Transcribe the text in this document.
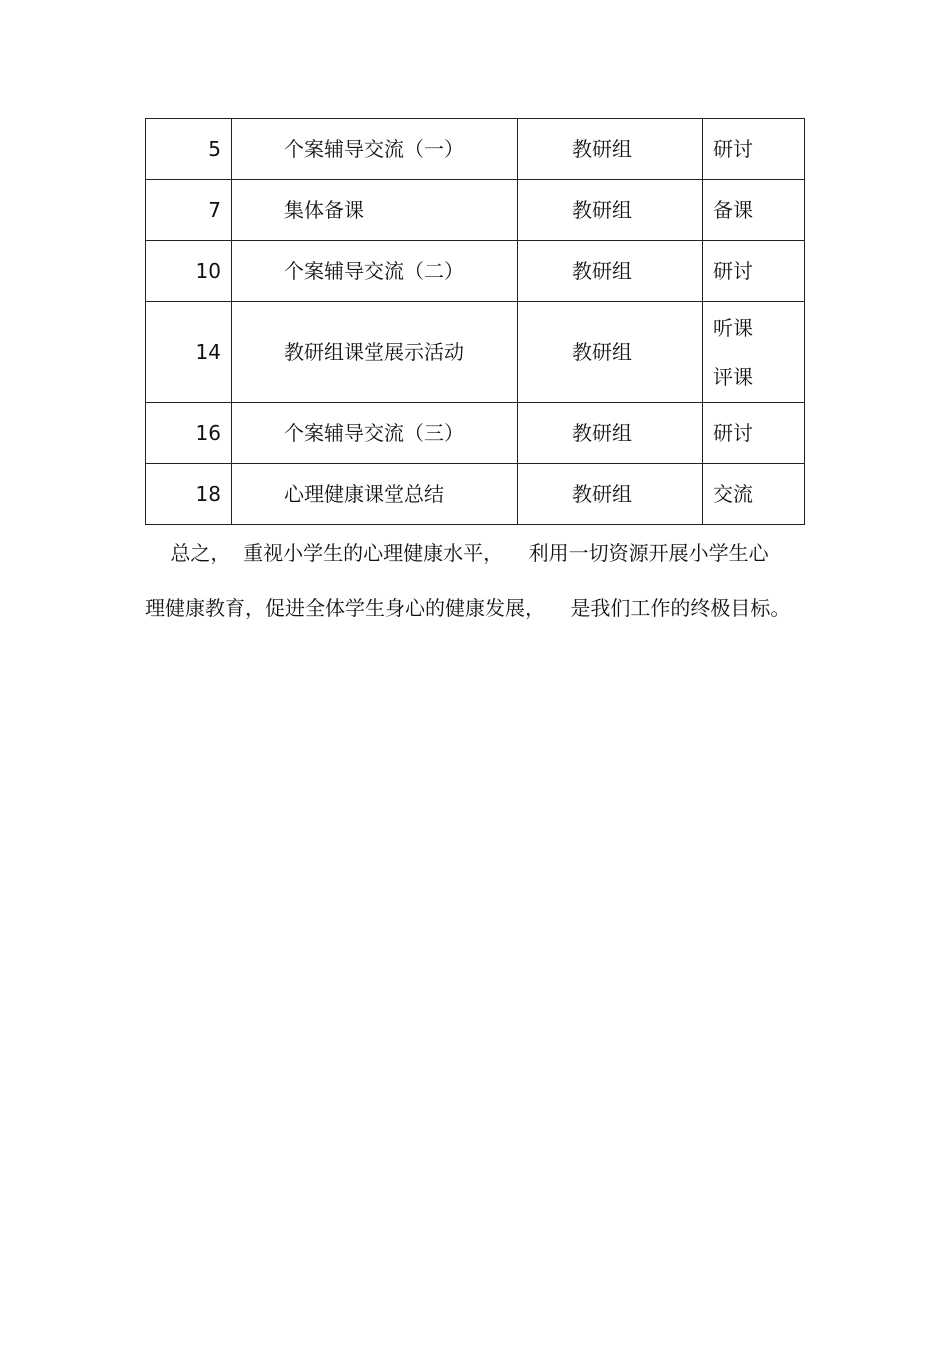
5	个案辅导交流（一）	教研组	研讨

7	集体备课	教研组	备课

10	个案辅导交流（二）	教研组	研讨

14	教研组课堂展示活动	教研组	听课
评课

16	个案辅导交流（三）	教研组	研讨

18	心理健康课堂总结	教研组	交流

总之，  重视小学生的心理健康水平，    利用一切资源开展小学生心

理健康教育，促进全体学生身心的健康发展，    是我们工作的终极目标。
